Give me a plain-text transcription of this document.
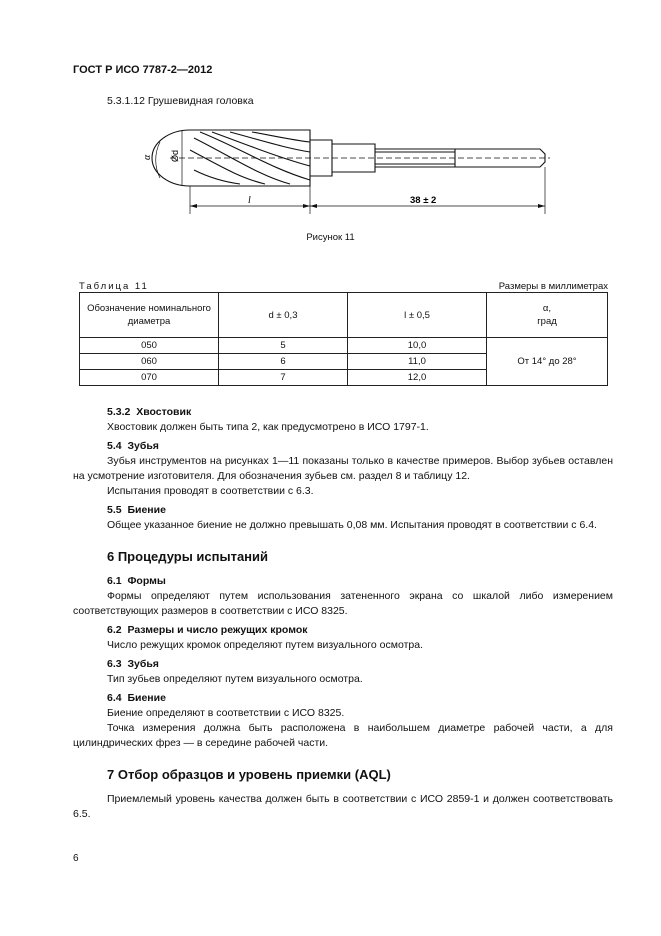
ГОСТ Р ИСО 7787-2—2012
5.3.1.12 Грушевидная головка
α Ød
l	38 ± 2
Рисунок 11
Таблица 11	Размеры в миллиметрах
Обозначение номинального
диаметра	d ± 0,3	l ± 0,5	α,
град
050	5	10,0	От 14° до 28°
060	6	11,0	
070	7	12,0	

5.3.2 Хвостовик

Хвостовик должен быть типа 2, как предусмотрено в ИСО 1797-1.

5.4 Зубья

Зубья инструментов на рисунках 1—11 показаны только в качестве примеров. Выбор зубьев оставлен на усмотрение изготовителя. Для обозначения зубьев см. раздел 8 и таблицу 12.

Испытания проводят в соответствии с 6.3.

5.5 Биение

Общее указанное биение не должно превышать 0,08 мм. Испытания проводят в соответствии с 6.4.

6 Процедуры испытаний

6.1 Формы

Формы определяют путем использования затененного экрана со шкалой либо измерением соответствующих размеров в соответствии с ИСО 8325.

6.2 Размеры и число режущих кромок

Число режущих кромок определяют путем визуального осмотра.

6.3 Зубья

Тип зубьев определяют путем визуального осмотра.

6.4 Биение

Биение определяют в соответствии с ИСО 8325.

Точка измерения должна быть расположена в наибольшем диаметре рабочей части, а для цилиндрических фрез — в середине рабочей части.

7 Отбор образцов и уровень приемки (AQL)

Приемлемый уровень качества должен быть в соответствии с ИСО 2859-1 и должен соответствовать 6.5.

6
